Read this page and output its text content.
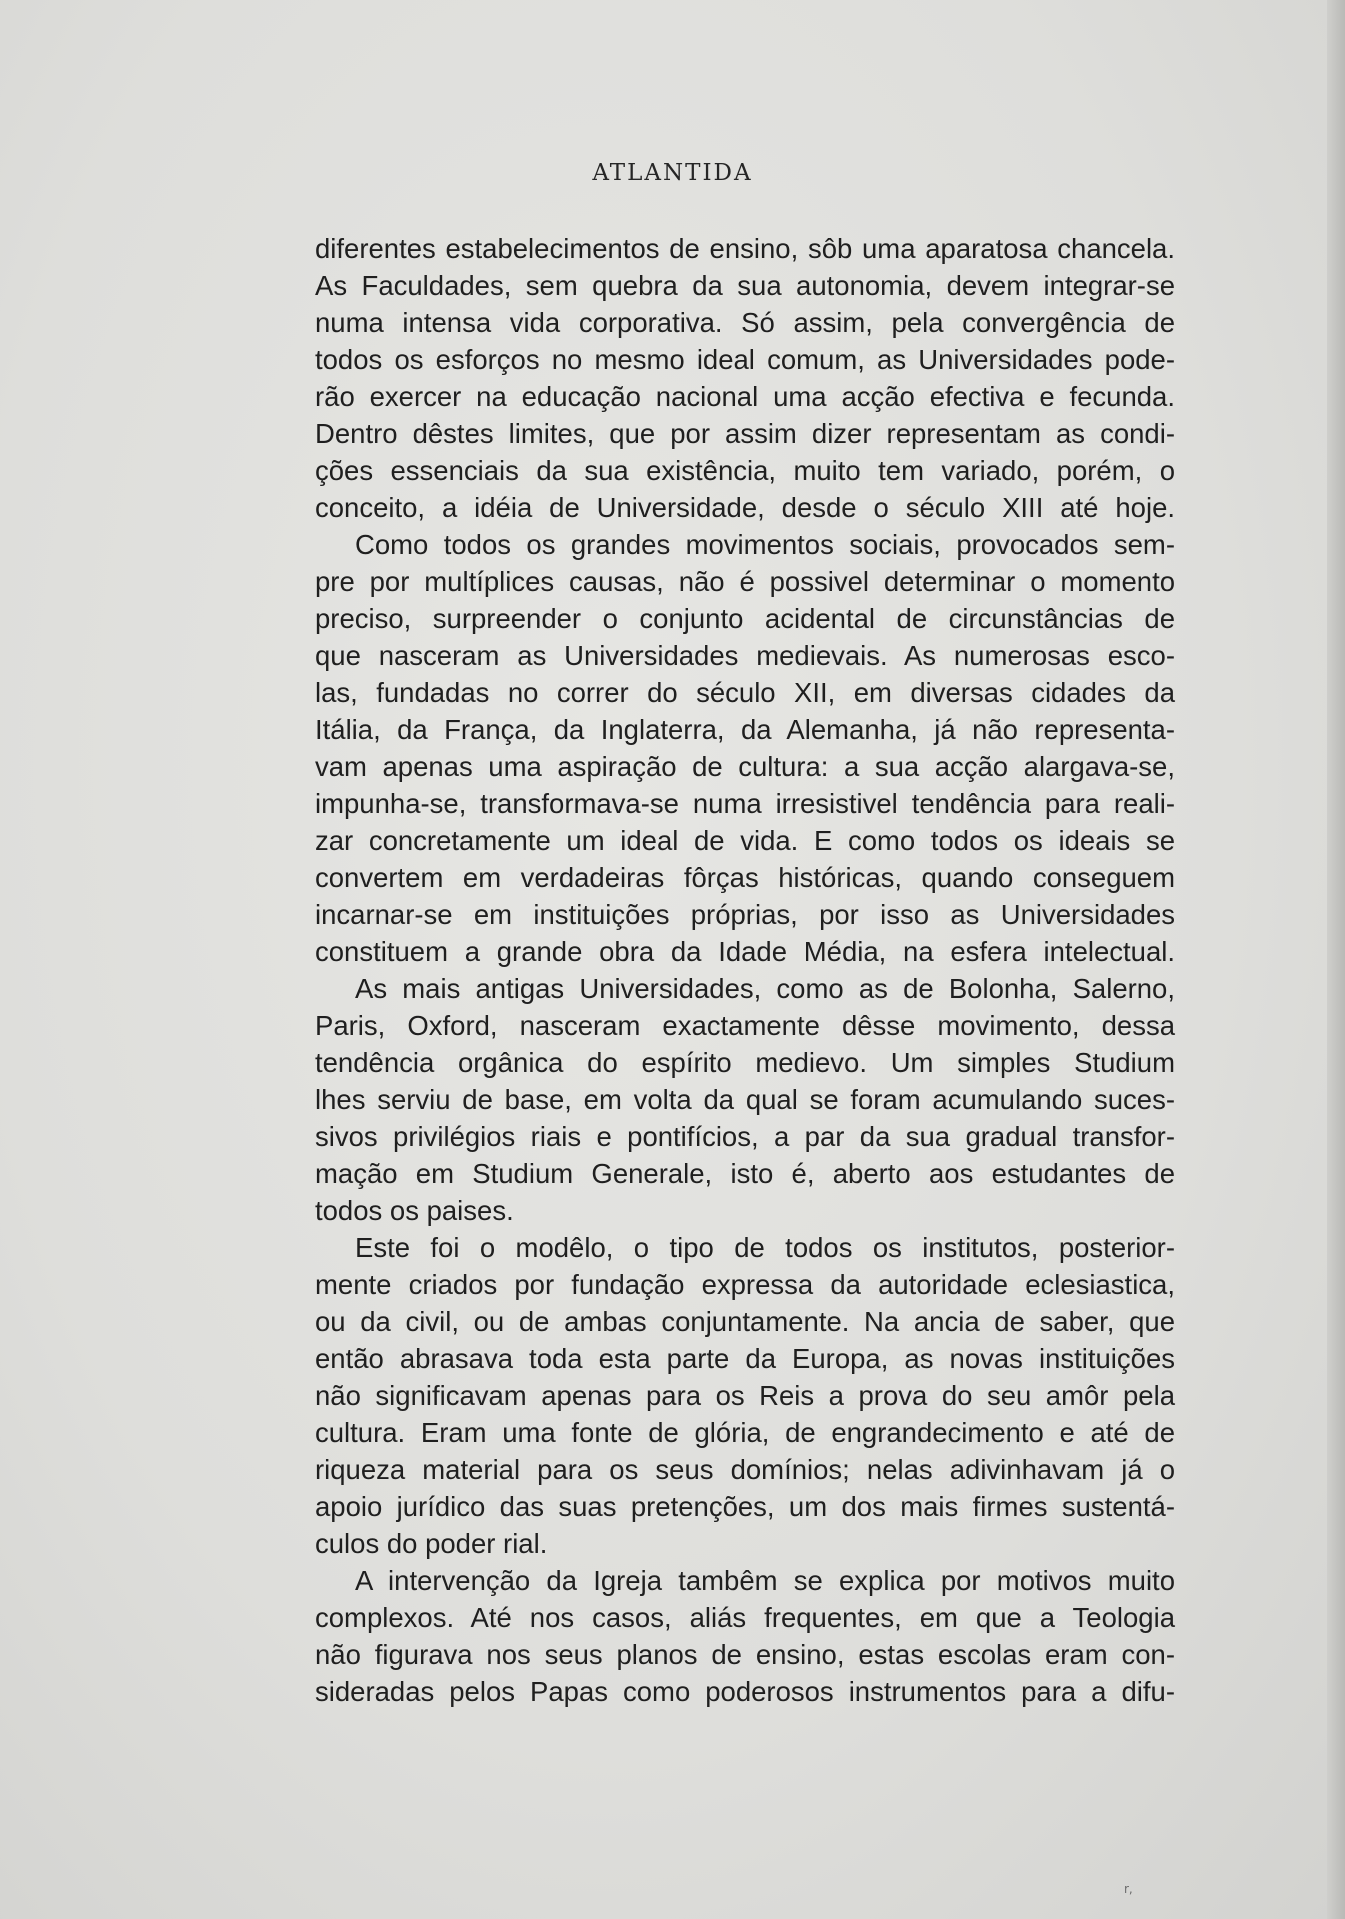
ATLANTIDA
diferentes estabelecimentos de ensino, sôb uma aparatosa chancela.
As Faculdades, sem quebra da sua autonomia, devem integrar-se
numa intensa vida corporativa. Só assim, pela convergência de
todos os esforços no mesmo ideal comum, as Universidades pode-
rão exercer na educação nacional uma acção efectiva e fecunda.
Dentro dêstes limites, que por assim dizer representam as condi-
ções essenciais da sua existência, muito tem variado, porém, o
conceito, a idéia de Universidade, desde o século XIII até hoje.
Como todos os grandes movimentos sociais, provocados sem-
pre por multíplices causas, não é possivel determinar o momento
preciso, surpreender o conjunto acidental de circunstâncias de
que nasceram as Universidades medievais. As numerosas esco-
las, fundadas no correr do século XII, em diversas cidades da
Itália, da França, da Inglaterra, da Alemanha, já não representa-
vam apenas uma aspiração de cultura: a sua acção alargava-se,
impunha-se, transformava-se numa irresistivel tendência para reali-
zar concretamente um ideal de vida. E como todos os ideais se
convertem em verdadeiras fôrças históricas, quando conseguem
incarnar-se em instituições próprias, por isso as Universidades
constituem a grande obra da Idade Média, na esfera intelectual.
As mais antigas Universidades, como as de Bolonha, Salerno,
Paris, Oxford, nasceram exactamente dêsse movimento, dessa
tendência orgânica do espírito medievo. Um simples Studium
lhes serviu de base, em volta da qual se foram acumulando suces-
sivos privilégios riais e pontifícios, a par da sua gradual transfor-
mação em Studium Generale, isto é, aberto aos estudantes de
todos os paises.
Este foi o modêlo, o tipo de todos os institutos, posterior-
mente criados por fundação expressa da autoridade eclesiastica,
ou da civil, ou de ambas conjuntamente. Na ancia de saber, que
então abrasava toda esta parte da Europa, as novas instituições
não significavam apenas para os Reis a prova do seu amôr pela
cultura. Eram uma fonte de glória, de engrandecimento e até de
riqueza material para os seus domínios; nelas adivinhavam já o
apoio jurídico das suas pretenções, um dos mais firmes sustentá-
culos do poder rial.
A intervenção da Igreja tambêm se explica por motivos muito
complexos. Até nos casos, aliás frequentes, em que a Teologia
não figurava nos seus planos de ensino, estas escolas eram con-
sideradas pelos Papas como poderosos instrumentos para a difu-
r,
